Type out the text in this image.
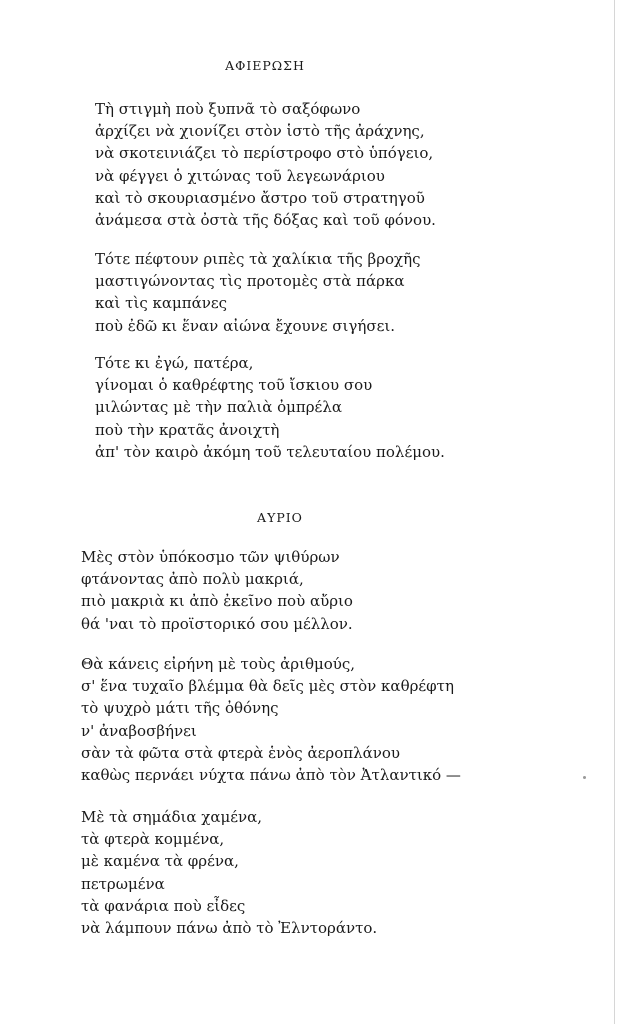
ΑΦΙΕΡΩΣΗ
Τὴ στιγμὴ ποὺ ξυπνᾶ τὸ σαξόφωνο
ἀρχίζει νὰ χιονίζει στὸν ἱστὸ τῆς ἀράχνης,
νὰ σκοτεινιάζει τὸ περίστροφο στὸ ὑπόγειο,
νὰ φέγγει ὁ χιτώνας τοῦ λεγεωνάριου
καὶ τὸ σκουριασμένο ἄστρο τοῦ στρατηγοῦ
ἀνάμεσα στὰ ὀστὰ τῆς δόξας καὶ τοῦ φόνου.
Τότε πέφτουν ριπὲς τὰ χαλίκια τῆς βροχῆς
μαστιγώνοντας τὶς προτομὲς στὰ πάρκα
καὶ τὶς καμπάνες
ποὺ ἐδῶ κι ἕναν αἰώνα ἔχουνε σιγήσει.
Τότε κι ἐγώ, πατέρα,
γίνομαι ὁ καθρέφτης τοῦ ἴσκιου σου
μιλώντας μὲ τὴν παλιὰ ὀμπρέλα
ποὺ τὴν κρατᾶς ἀνοιχτὴ
ἀπ' τὸν καιρὸ ἀκόμη τοῦ τελευταίου πολέμου.
ΑΥΡΙΟ
Μὲς στὸν ὑπόκοσμο τῶν ψιθύρων
φτάνοντας ἀπὸ πολὺ μακριά,
πιὸ μακριὰ κι ἀπὸ ἐκεῖνο ποὺ αὔριο
θά 'ναι τὸ προϊστορικό σου μέλλον.
Θὰ κάνεις εἰρήνη μὲ τοὺς ἀριθμούς,
σ' ἕνα τυχαῖο βλέμμα θὰ δεῖς μὲς στὸν καθρέφτη
τὸ ψυχρὸ μάτι τῆς ὀθόνης
ν' ἀναβοσβήνει
σὰν τὰ φῶτα στὰ φτερὰ ἑνὸς ἀεροπλάνου
καθὼς περνάει νύχτα πάνω ἀπὸ τὸν Ἀτλαντικό —
Μὲ τὰ σημάδια χαμένα,
τὰ φτερὰ κομμένα,
μὲ καμένα τὰ φρένα,
πετρωμένα
τὰ φανάρια ποὺ εἶδες
νὰ λάμπουν πάνω ἀπὸ τὸ Ἐλντοράντο.
